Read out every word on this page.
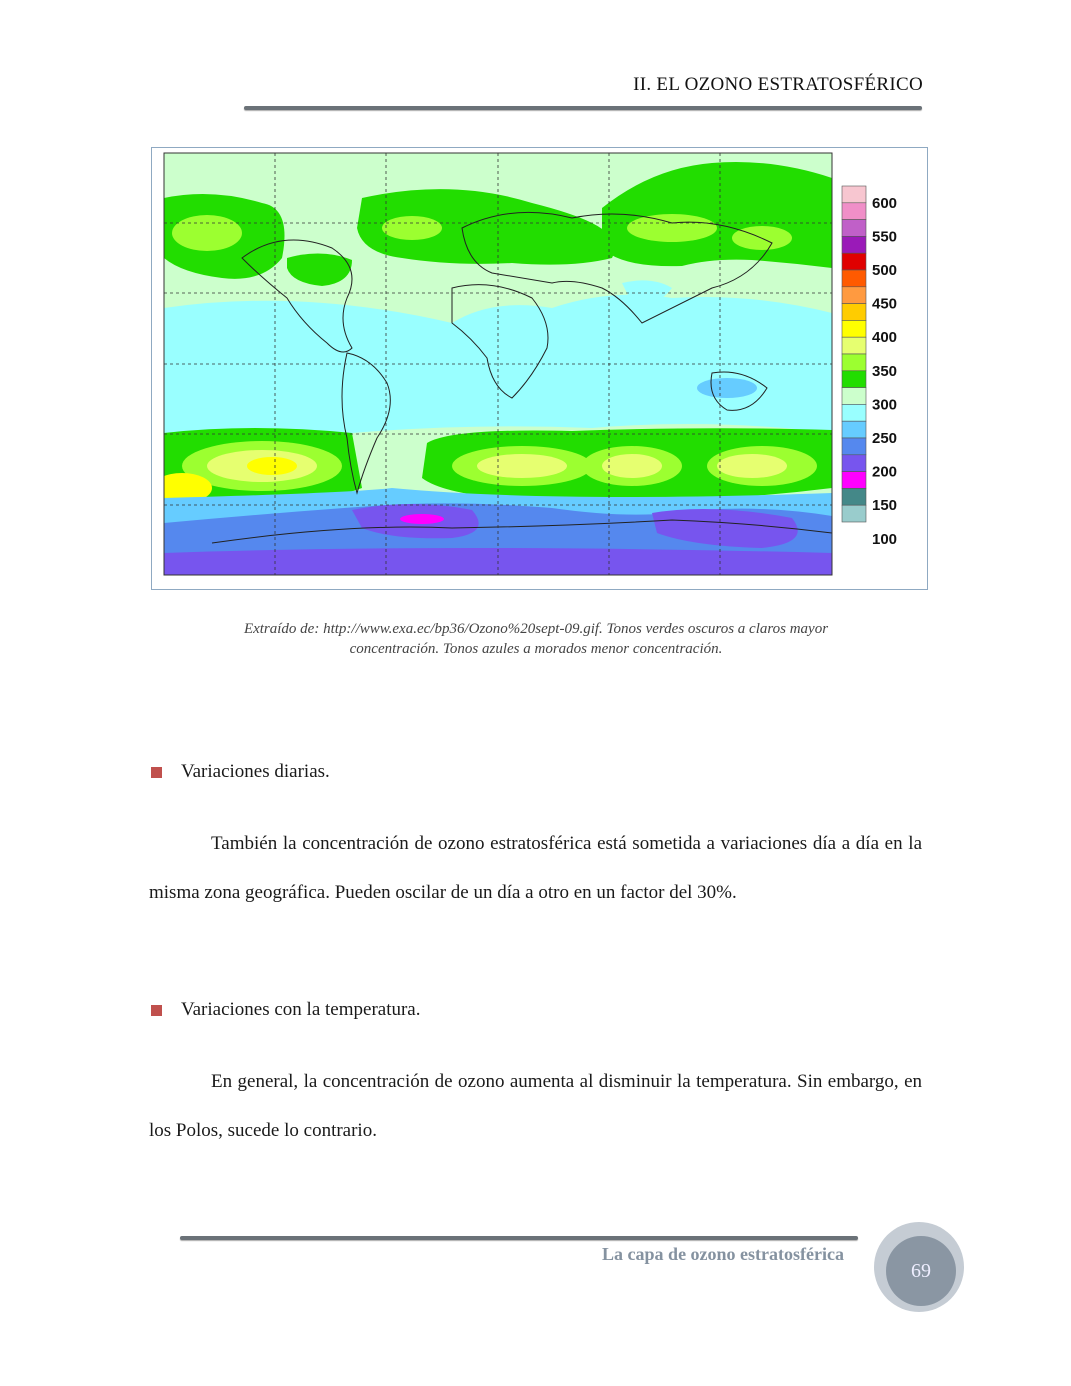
II. EL OZONO ESTRATOSFÉRICO
600
550
500
450
400
350
300
250
200
150
100
Extraído de: http://www.exa.ec/bp36/Ozono%20sept-09.gif. Tonos verdes oscuros a claros mayor
concentración. Tonos azules a morados menor concentración.
Variaciones diarias.
También la concentración de ozono estratosférica está sometida a variaciones día a día en la misma zona geográfica. Pueden oscilar de un día a otro en un factor del 30%.
Variaciones con la temperatura.
En general, la concentración de ozono aumenta al disminuir la temperatura. Sin embargo, en los Polos, sucede lo contrario.
La capa de ozono estratosférica
69
